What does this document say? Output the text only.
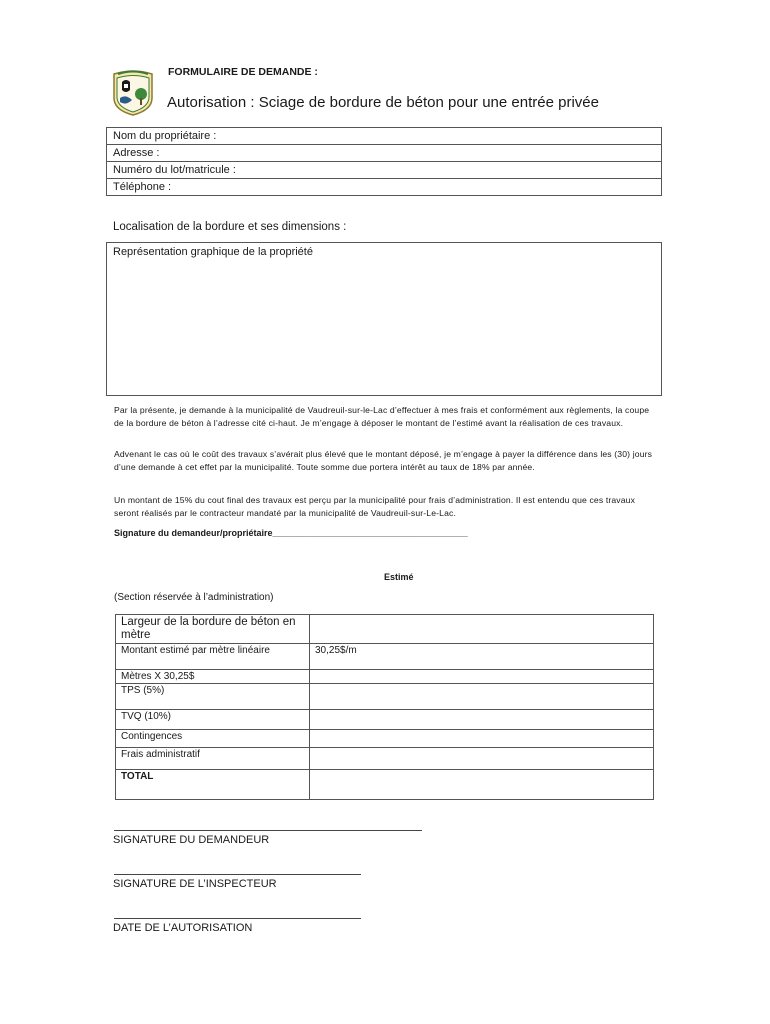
FORMULAIRE DE DEMANDE :
Autorisation : Sciage de bordure de béton pour une entrée privée
Nom du propriétaire :
Adresse :
Numéro du lot/matricule :
Téléphone :
Localisation de la bordure et ses dimensions :
Représentation graphique de la propriété
Par la présente, je demande à la municipalité de Vaudreuil-sur-le-Lac d’effectuer à mes frais et conformément aux règlements, la coupe de la bordure de béton à l’adresse cité ci-haut. Je m’engage à déposer le montant de l’estimé avant la réalisation de ces travaux.
Advenant le cas où le coût des travaux s’avérait plus élevé que le montant déposé, je m’engage à payer la différence dans les (30) jours d’une demande à cet effet par la municipalité. Toute somme due portera intérêt au taux de 18% par année.
Un montant de 15% du cout final des travaux est perçu par la municipalité pour frais d’administration. Il est entendu que ces travaux seront réalisés par le contracteur mandaté par la municipalité de Vaudreuil-sur-Le-Lac.
Signature du demandeur/propriétaire_______________________________________
Estimé
(Section réservée à l’administration)
Largeur de la bordure de béton en mètre	
Montant estimé par mètre linéaire	30,25$/m
Mètres X 30,25$	
TPS (5%)	
TVQ (10%)	
Contingences	
Frais administratif	
TOTAL	
SIGNATURE DU DEMANDEUR
SIGNATURE DE L’INSPECTEUR
DATE DE L’AUTORISATION
